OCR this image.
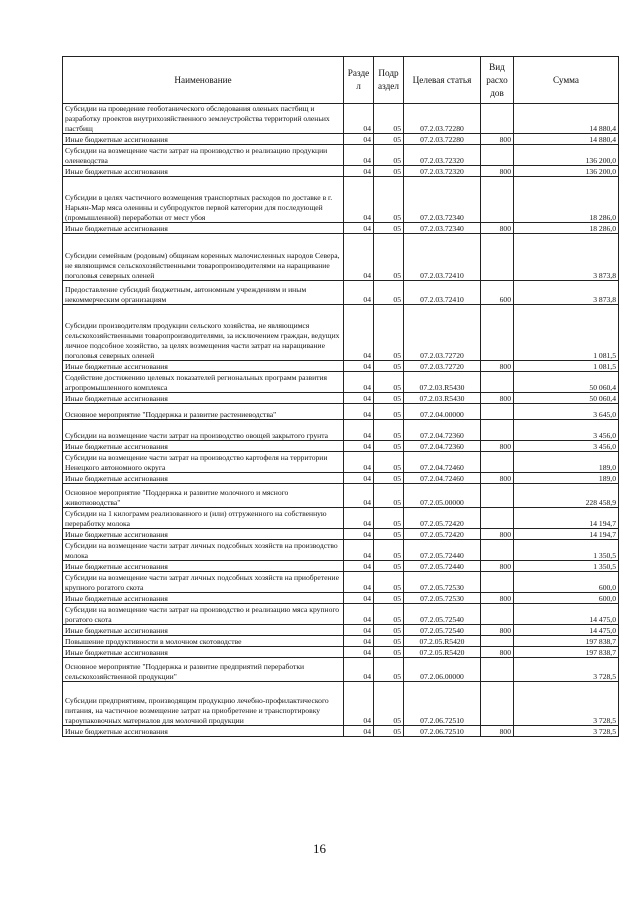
Наименование	Разде л	Подр аздел	Целевая статья	Вид расхо дов	Сумма
Субсидии на проведение геоботанического обследования оленьих пастбищ и разработку проектов внутрихозяйственного землеустройства территорий оленьих пастбищ	04	05	07.2.03.72280		14 880,4
Иные бюджетные ассигнования	04	05	07.2.03.72280	800	14 880,4
Субсидии на возмещение части затрат на производство и реализацию продукции оленеводства	04	05	07.2.03.72320		136 200,0
Иные бюджетные ассигнования	04	05	07.2.03.72320	800	136 200,0
Субсидии в целях частичного возмещения транспортных расходов по доставке в г. Нарьян-Мар мяса оленины и субпродуктов первой категории для последующей (промышленной) переработки от мест убоя	04	05	07.2.03.72340		18 286,0
Иные бюджетные ассигнования	04	05	07.2.03.72340	800	18 286,0
Субсидии семейным (родовым) общинам коренных малочисленных народов Севера, не являющимся сельскохозяйственными товаропроизводителями на наращивание поголовья северных оленей	04	05	07.2.03.72410		3 873,8
Предоставление субсидий бюджетным, автономным учреждениям и иным некоммерческим организациям	04	05	07.2.03.72410	600	3 873,8
Субсидии производителям продукции сельского хозяйства, не являющимся сельскохозяйственными товаропроизводителями, за исключением граждан, ведущих личное подсобное хозяйство, за целях возмещения части затрат на наращивание поголовья северных оленей	04	05	07.2.03.72720		1 081,5
Иные бюджетные ассигнования	04	05	07.2.03.72720	800	1 081,5
Содействие достижению целевых показателей региональных программ развития агропромышленного комплекса	04	05	07.2.03.R5430		50 060,4
Иные бюджетные ассигнования	04	05	07.2.03.R5430	800	50 060,4
Основное мероприятие "Поддержка и развитие растениеводства"	04	05	07.2.04.00000		3 645,0
Субсидии на возмещение части затрат на производство овощей закрытого грунта	04	05	07.2.04.72360		3 456,0
Иные бюджетные ассигнования	04	05	07.2.04.72360	800	3 456,0
Субсидии на возмещение части затрат на производство картофеля на территории Ненецкого автономного округа	04	05	07.2.04.72460		189,0
Иные бюджетные ассигнования	04	05	07.2.04.72460	800	189,0
Основное мероприятие "Поддержка и развитие молочного и мясного животноводства"	04	05	07.2.05.00000		228 458,9
Субсидии на 1 килограмм реализованного и (или) отгруженного на собственную переработку молока	04	05	07.2.05.72420		14 194,7
Иные бюджетные ассигнования	04	05	07.2.05.72420	800	14 194,7
Субсидии на возмещение части затрат личных подсобных хозяйств на производство молока	04	05	07.2.05.72440		1 350,5
Иные бюджетные ассигнования	04	05	07.2.05.72440	800	1 350,5
Субсидии на возмещение части затрат личных подсобных хозяйств на приобретение крупного рогатого скота	04	05	07.2.05.72530		600,0
Иные бюджетные ассигнования	04	05	07.2.05.72530	800	600,0
Субсидии на возмещение части затрат на производство и реализацию мяса крупного рогатого скота	04	05	07.2.05.72540		14 475,0
Иные бюджетные ассигнования	04	05	07.2.05.72540	800	14 475,0
Повышение продуктивности в молочном скотоводстве	04	05	07.2.05.R5420		197 838,7
Иные бюджетные ассигнования	04	05	07.2.05.R5420	800	197 838,7
Основное мероприятие "Поддержка и развитие предприятий переработки сельскохозяйственной продукции"	04	05	07.2.06.00000		3 728,5
Субсидии предприятиям, производящим продукцию лечебно-профилактического питания, на частичное возмещение затрат на приобретение и транспортировку тароупаковочных материалов для молочной продукции	04	05	07.2.06.72510		3 728,5
Иные бюджетные ассигнования	04	05	07.2.06.72510	800	3 728,5
16
